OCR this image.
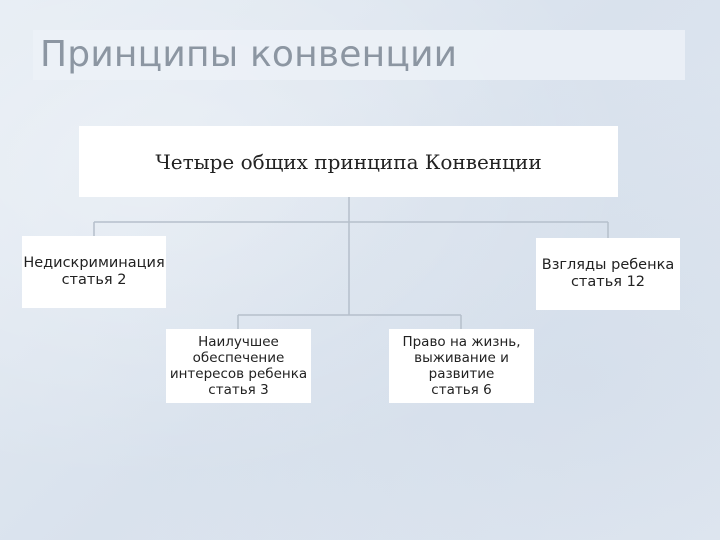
Принципы конвенции
Четыре общих принципа Конвенции
Недискриминация
статья 2
Наилучшее
обеспечение
интересов ребенка
статья 3
Право на жизнь,
выживание и
развитие
статья 6
Взгляды ребенка
статья 12
